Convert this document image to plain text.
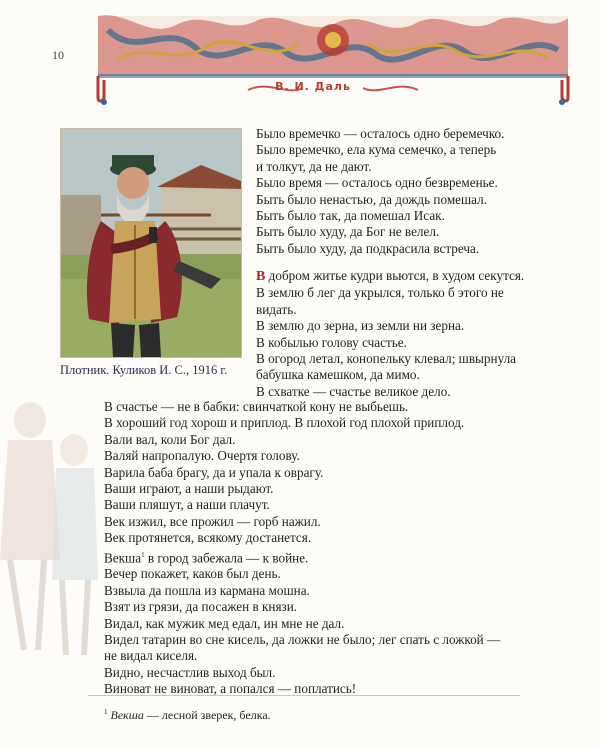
10
В. И. Даль
Плотник. Куликов И. С., 1916 г.
Было времечко — осталось одно беремечко.
Было времечко, ела кума семечко, а теперь
и толкут, да не дают.
Было время — осталось одно безвременье.
Быть было ненастью, да дождь помешал.
Быть было так, да помешал Исак.
Быть было худу, да Бог не велел.
Быть было худу, да подкрасила встреча.
В добром житье кудри вьются, в худом секутся.
В землю б лег да укрылся, только б этого не
видать.
В землю до зерна, из земли ни зерна.
В кобылью голову счастье.
В огород летал, конопельку клевал; швырнула
бабушка камешком, да мимо.
В схватке — счастье великое дело.
В счастье — не в бабки: свинчаткой кону не выбьешь.
В хороший год хорош и приплод. В плохой год плохой приплод.
Вали вал, коли Бог дал.
Валяй напропалую. Очертя голову.
Варила баба брагу, да и упала к оврагу.
Ваши играют, а наши рыдают.
Ваши пляшут, а наши плачут.
Век изжил, все прожил — горб нажил.
Век протянется, всякому достанется.
Векша$^1$ в город забежала — к войне.
Вечер покажет, каков был день.
Взвыла да пошла из кармана мошна.
Взят из грязи, да посажен в князи.
Видал, как мужик мед едал, ин мне не дал.
Видел татарин во сне кисель, да ложки не было; лег спать с ложкой —
не видал киселя.
Видно, несчастлив выход был.
Виноват не виноват, а попался — поплатись!
$^1$ Векша — лесной зверек, белка.
